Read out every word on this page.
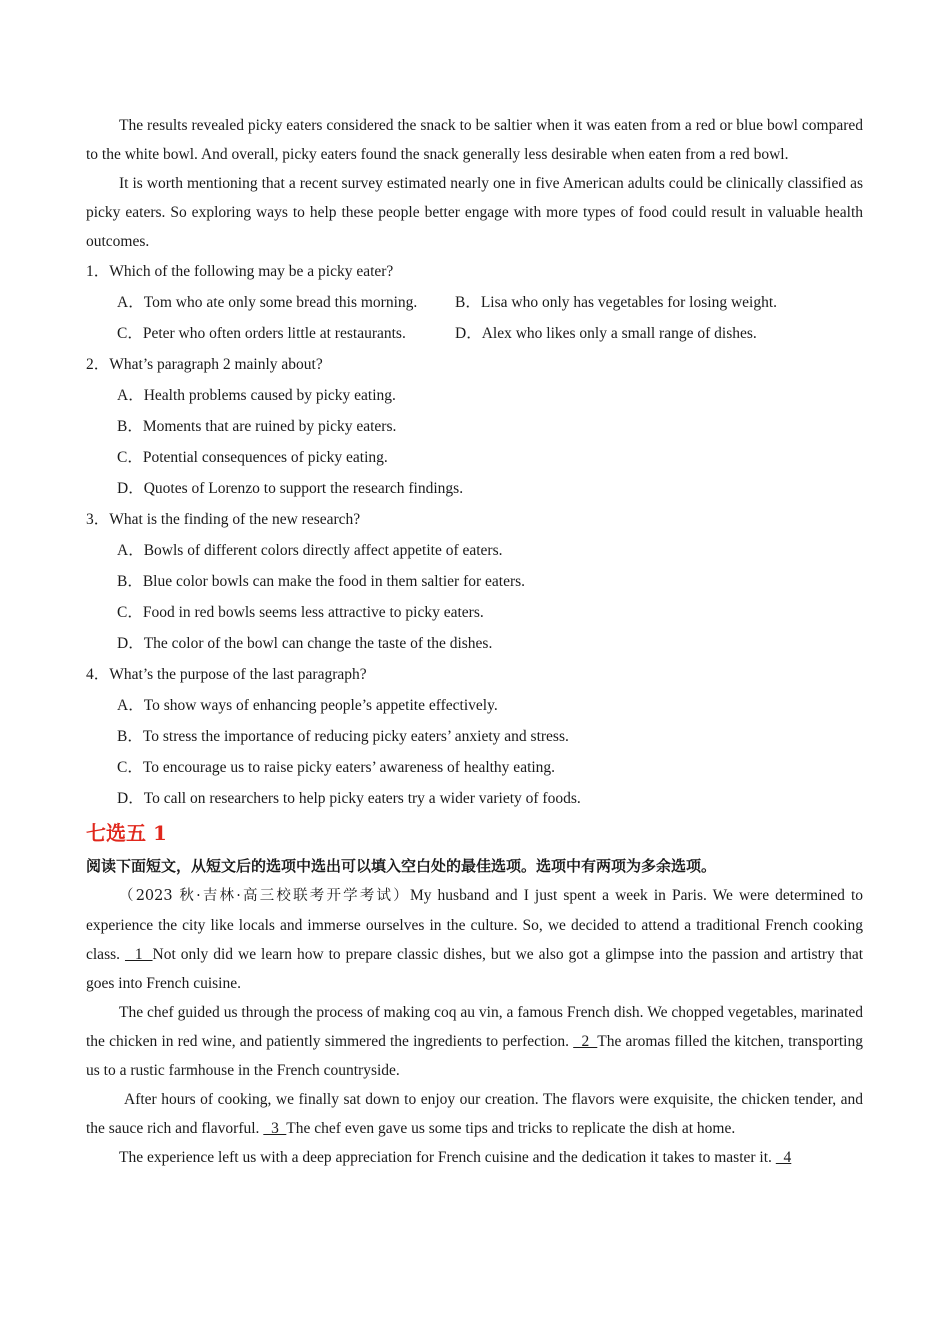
The results revealed picky eaters considered the snack to be saltier when it was eaten from a red or blue bowl compared to the white bowl. And overall, picky eaters found the snack generally less desirable when eaten from a red bowl.

It is worth mentioning that a recent survey estimated nearly one in five American adults could be clinically classified as picky eaters. So exploring ways to help these people better engage with more types of food could result in valuable health outcomes.

1．Which of the following may be a picky eater?
A．Tom who ate only some bread this morning.	B．Lisa who only has vegetables for losing weight.
C．Peter who often orders little at restaurants.	D．Alex who likes only a small range of dishes.
2．What’s paragraph 2 mainly about?
A．Health problems caused by picky eating.
B．Moments that are ruined by picky eaters.
C．Potential consequences of picky eating.
D．Quotes of Lorenzo to support the research findings.
3．What is the finding of the new research?
A．Bowls of different colors directly affect appetite of eaters.
B．Blue color bowls can make the food in them saltier for eaters.
C．Food in red bowls seems less attractive to picky eaters.
D．The color of the bowl can change the taste of the dishes.
4．What’s the purpose of the last paragraph?
A．To show ways of enhancing people’s appetite effectively.
B．To stress the importance of reducing picky eaters’ anxiety and stress.
C．To encourage us to raise picky eaters’ awareness of healthy eating.
D．To call on researchers to help picky eaters try a wider variety of foods.
七选五 1
阅读下面短文，从短文后的选项中选出可以填入空白处的最佳选项。选项中有两项为多余选项。

（2023 秋·吉林·高三校联考开学考试）My husband and I just spent a week in Paris. We were determined to experience the city like locals and immerse ourselves in the culture. So, we decided to attend a traditional French cooking class.   1  Not only did we learn how to prepare classic dishes, but we also got a glimpse into the passion and artistry that goes into French cuisine.

The chef guided us through the process of making coq au vin, a famous French dish. We chopped vegetables, marinated the chicken in red wine, and patiently simmered the ingredients to perfection.   2  The aromas filled the kitchen, transporting us to a rustic farmhouse in the French countryside.

After hours of cooking, we finally sat down to enjoy our creation. The flavors were exquisite, the chicken tender, and the sauce rich and flavorful.   3  The chef even gave us some tips and tricks to replicate the dish at home.

The experience left us with a deep appreciation for French cuisine and the dedication it takes to master it.   4
